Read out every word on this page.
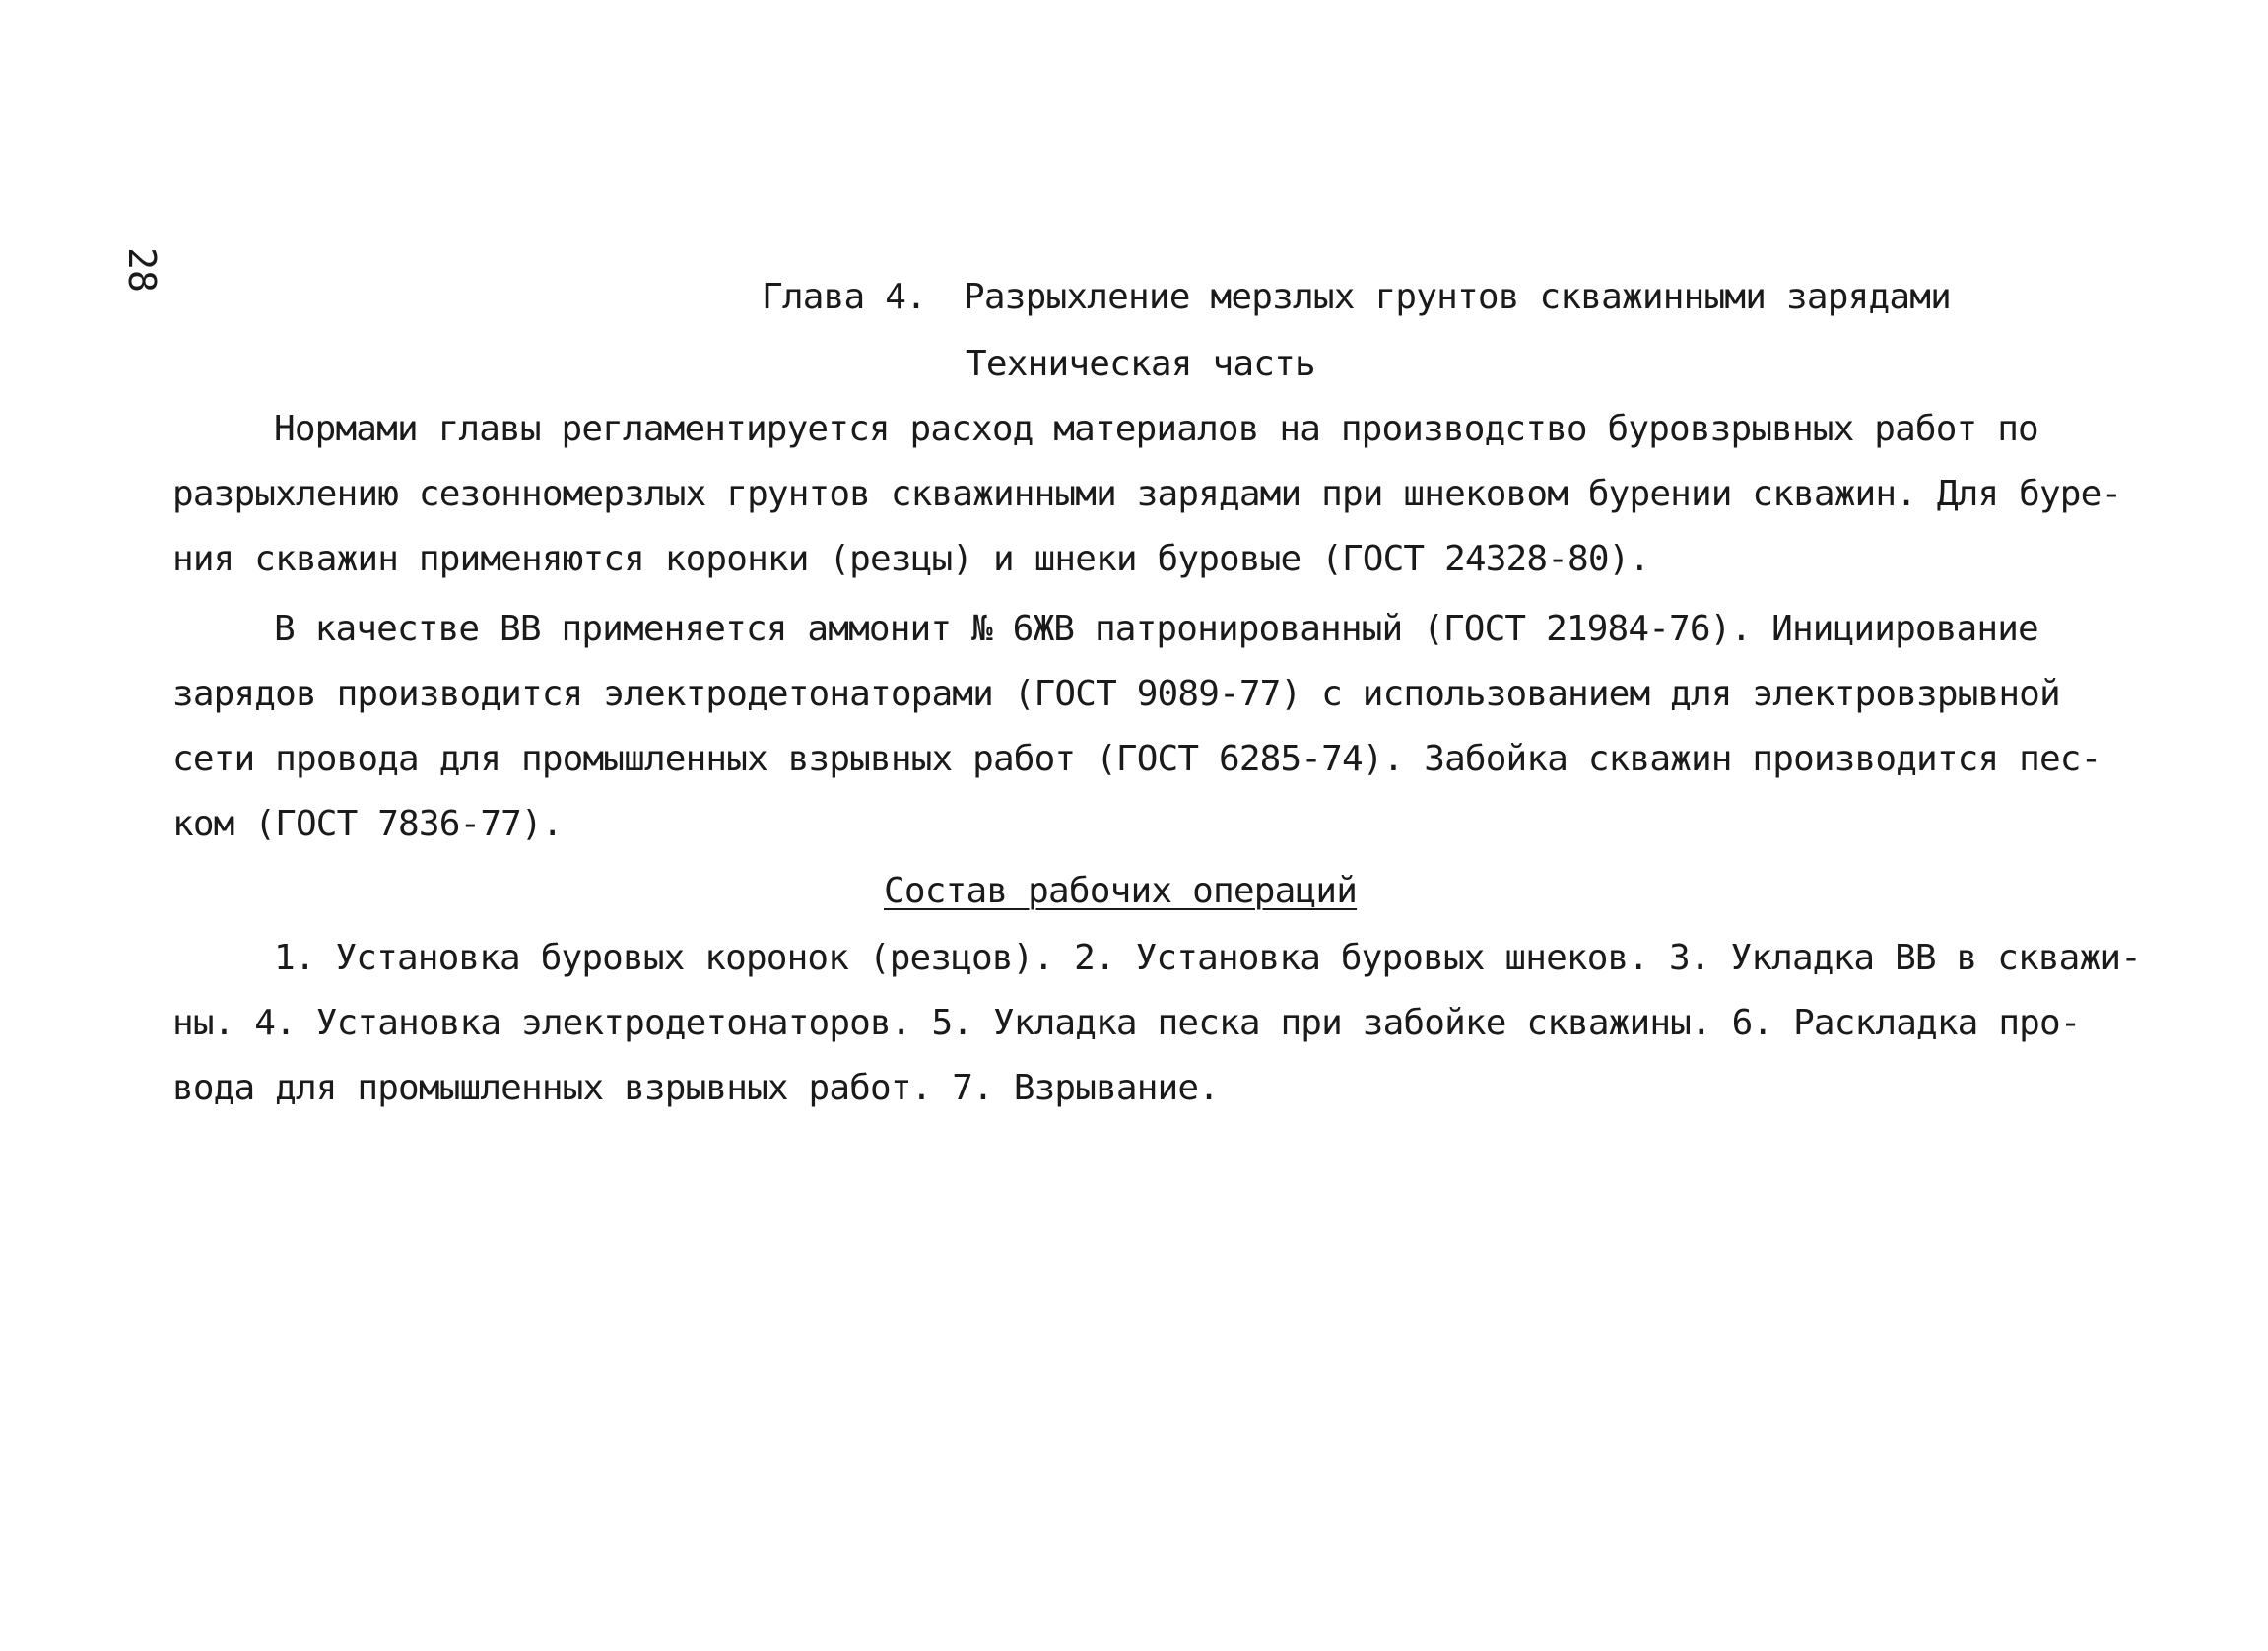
28
Глава 4. Разрыхление мерзлых грунтов скважинными зарядами
Техническая часть
Нормами главы регламентируется расход материалов на производство буровзрывных работ по
разрыхлению сезонномерзлых грунтов скважинными зарядами при шнековом бурении скважин. Для буре-
ния скважин применяются коронки (резцы) и шнеки буровые (ГОСТ 24328-80).
В качестве ВВ применяется аммонит № 6ЖВ патронированный (ГОСТ 21984-76). Инициирование
зарядов производится электродетонаторами (ГОСТ 9089-77) с использованием для электровзрывной
сети провода для промышленных взрывных работ (ГОСТ 6285-74). Забойка скважин производится пес-
ком (ГОСТ 7836-77).
Состав рабочих операций
1. Установка буровых коронок (резцов). 2. Установка буровых шнеков. 3. Укладка ВВ в скважи-
ны. 4. Установка электродетонаторов. 5. Укладка песка при забойке скважины. 6. Раскладка про-
вода для промышленных взрывных работ. 7. Взрывание.
